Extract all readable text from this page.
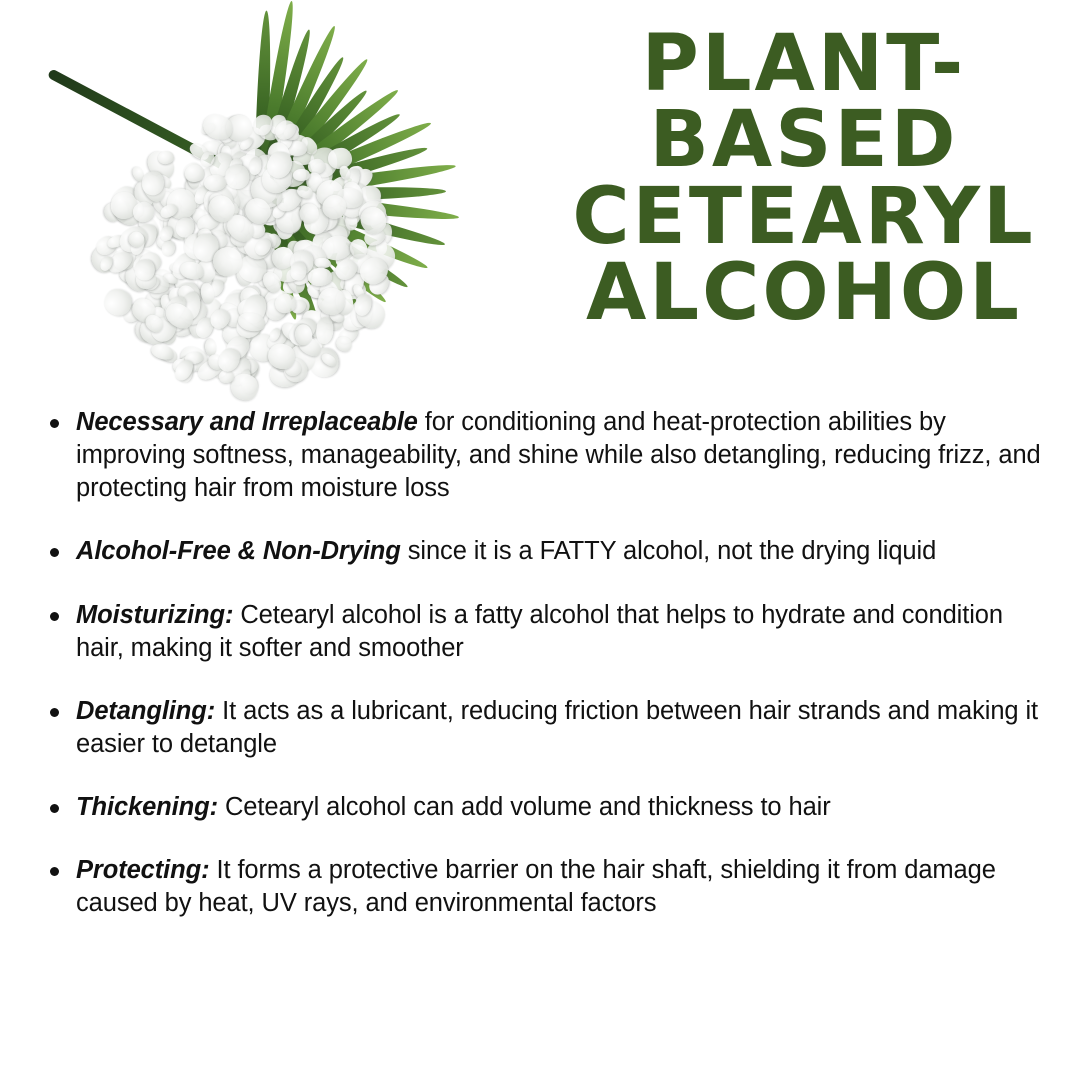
PLANT-
BASED
CETEARYL
ALCOHOL
Necessary and Irreplaceable for conditioning and heat-protection abilities by improving softness, manageability, and shine while also detangling, reducing frizz, and protecting hair from moisture loss
Alcohol-Free & Non-Drying since it is a FATTY alcohol, not the drying liquid
Moisturizing: Cetearyl alcohol is a fatty alcohol that helps to hydrate and condition hair, making it softer and smoother
Detangling: It acts as a lubricant, reducing friction between hair strands and making it easier to detangle
Thickening: Cetearyl alcohol can add volume and thickness to hair
Protecting: It forms a protective barrier on the hair shaft, shielding it from damage caused by heat, UV rays, and environmental factors
